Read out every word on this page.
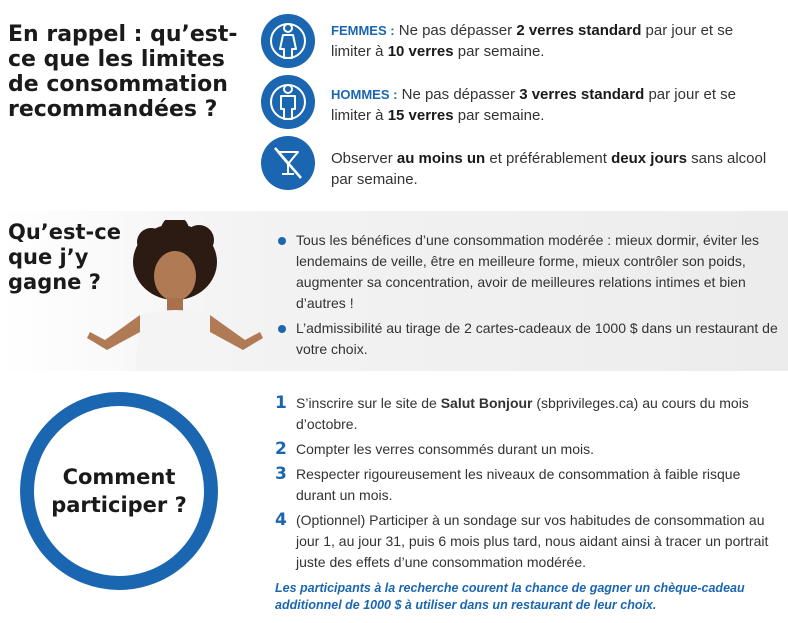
En rappel : qu’est-ce que les limites de consommation recommandées ?
FEMMES : Ne pas dépasser 2 verres standard par jour et se limiter à 10 verres par semaine.
HOMMES : Ne pas dépasser 3 verres standard par jour et se limiter à 15 verres par semaine.
Observer au moins un et préférablement deux jours sans alcool par semaine.
Qu’est-ce que j’y gagne ?
Tous les bénéfices d’une consommation modérée : mieux dormir, éviter les lendemains de veille, être en meilleure forme, mieux contrôler son poids, augmenter sa concentration, avoir de meilleures relations intimes et bien d’autres !
L’admissibilité au tirage de 2 cartes-cadeaux de 1000 $ dans un restaurant de votre choix.
Comment participer ?
1 S’inscrire sur le site de Salut Bonjour (sbprivileges.ca) au cours du mois d’octobre.
2 Compter les verres consommés durant un mois.
3 Respecter rigoureusement les niveaux de consommation à faible risque durant un mois.
4 (Optionnel) Participer à un sondage sur vos habitudes de consommation au jour 1, au jour 31, puis 6 mois plus tard, nous aidant ainsi à tracer un portrait juste des effets d’une consommation modérée.
Les participants à la recherche courent la chance de gagner un chèque-cadeau additionnel de 1000 $ à utiliser dans un restaurant de leur choix.
